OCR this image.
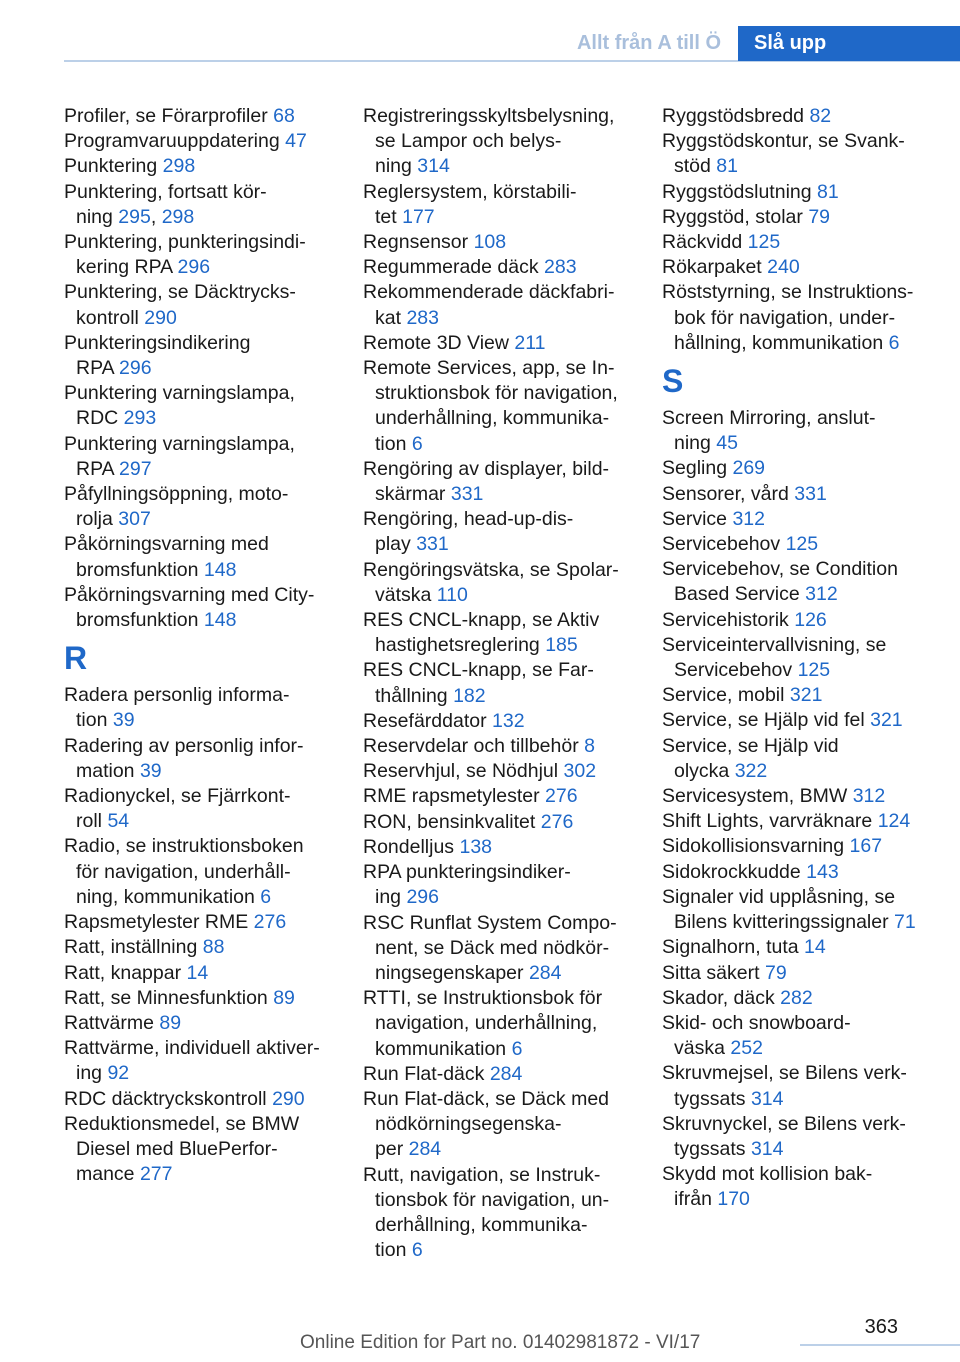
Allt från A till Ö	Slå upp
Profiler, se Förarprofiler 68
Programvaruuppdatering 47
Punktering 298
Punktering, fortsatt kör-
ning 295, 298
Punktering, punkteringsindi-
kering RPA 296
Punktering, se Däcktrycks-
kontroll 290
Punkteringsindikering
RPA 296
Punktering varningslampa,
RDC 293
Punktering varningslampa,
RPA 297
Påfyllningsöppning, moto-
rolja 307
Påkörningsvarning med
bromsfunktion 148
Påkörningsvarning med City-
bromsfunktion 148
R
Radera personlig informa-
tion 39
Radering av personlig infor-
mation 39
Radionyckel, se Fjärrkont-
roll 54
Radio, se instruktionsboken
för navigation, underhåll-
ning, kommunikation 6
Rapsmetylester RME 276
Ratt, inställning 88
Ratt, knappar 14
Ratt, se Minnesfunktion 89
Rattvärme 89
Rattvärme, individuell aktiver-
ing 92
RDC däcktryckskontroll 290
Reduktionsmedel, se BMW
Diesel med BluePerfor-
mance 277
Registreringsskyltsbelysning,
se Lampor och belys-
ning 314
Reglersystem, körstabili-
tet 177
Regnsensor 108
Regummerade däck 283
Rekommenderade däckfabri-
kat 283
Remote 3D View 211
Remote Services, app, se In-
struktionsbok för navigation,
underhållning, kommunika-
tion 6
Rengöring av displayer, bild-
skärmar 331
Rengöring, head-up-dis-
play 331
Rengöringsvätska, se Spolar-
vätska 110
RES CNCL-knapp, se Aktiv
hastighetsreglering 185
RES CNCL-knapp, se Far-
thållning 182
Resefärddator 132
Reservdelar och tillbehör 8
Reservhjul, se Nödhjul 302
RME rapsmetylester 276
RON, bensinkvalitet 276
Rondelljus 138
RPA punkteringsindiker-
ing 296
RSC Runflat System Compo-
nent, se Däck med nödkör-
ningsegenskaper 284
RTTI, se Instruktionsbok för
navigation, underhållning,
kommunikation 6
Run Flat-däck 284
Run Flat-däck, se Däck med
nödkörningsegenska-
per 284
Rutt, navigation, se Instruk-
tionsbok för navigation, un-
derhållning, kommunika-
tion 6
Ryggstödsbredd 82
Ryggstödskontur, se Svank-
stöd 81
Ryggstödslutning 81
Ryggstöd, stolar 79
Räckvidd 125
Rökarpaket 240
Röststyrning, se Instruktions-
bok för navigation, under-
hållning, kommunikation 6
S
Screen Mirroring, anslut-
ning 45
Segling 269
Sensorer, vård 331
Service 312
Servicebehov 125
Servicebehov, se Condition
Based Service 312
Servicehistorik 126
Serviceintervallvisning, se
Servicebehov 125
Service, mobil 321
Service, se Hjälp vid fel 321
Service, se Hjälp vid
olycka 322
Servicesystem, BMW 312
Shift Lights, varvräknare 124
Sidokollisionsvarning 167
Sidokrockkudde 143
Signaler vid upplåsning, se
Bilens kvitteringssignaler 71
Signalhorn, tuta 14
Sitta säkert 79
Skador, däck 282
Skid- och snowboard-
väska 252
Skruvmejsel, se Bilens verk-
tygssats 314
Skruvnyckel, se Bilens verk-
tygssats 314
Skydd mot kollision bak-
ifrån 170
363
Online Edition for Part no. 01402981872 - VI/17
